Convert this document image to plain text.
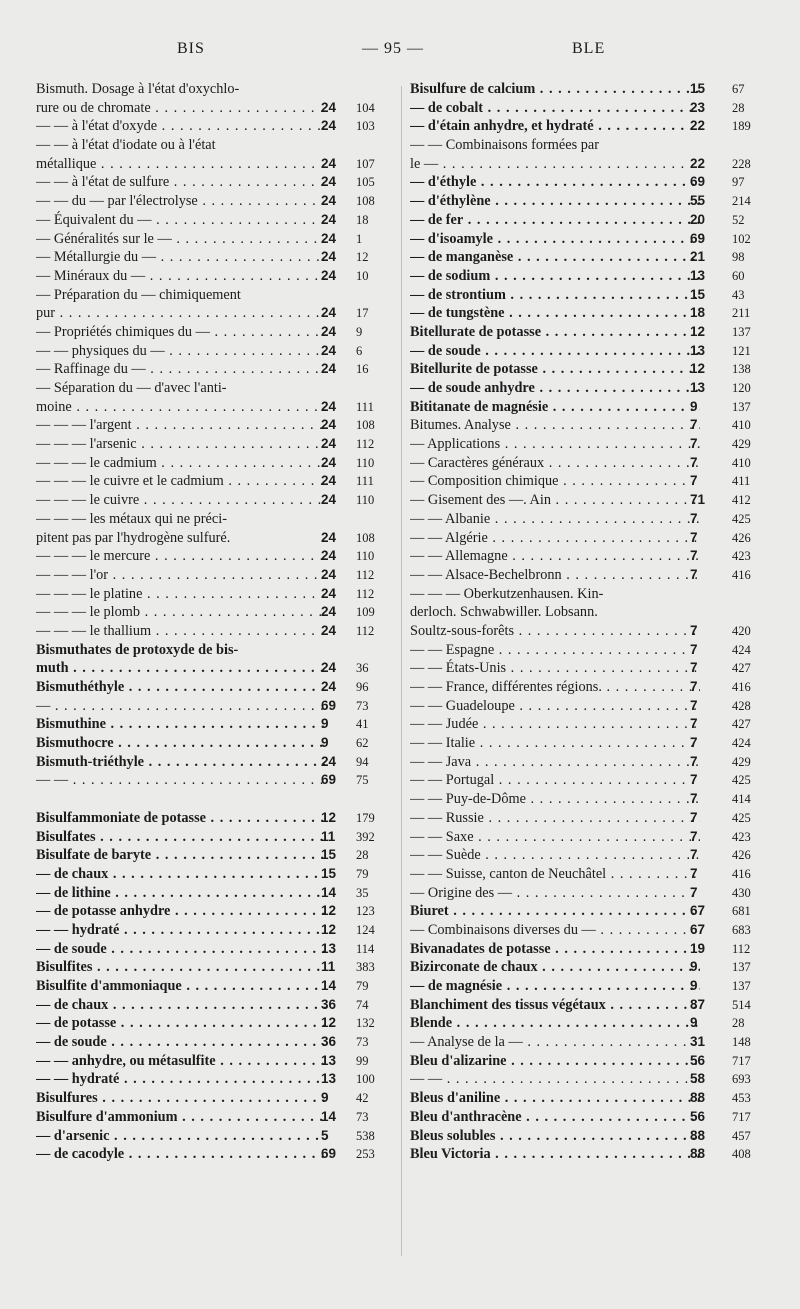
BIS	— 95 —	BLE
Bismuth. Dosage à l'état d'oxychlo-
rure ou de chromate . . .	24	104
— — à l'état d'oxyde . . .	24	103
— — à l'état d'iodate ou à l'état
métallique . . .	24	107
— — à l'état de sulfure . . .	24	105
— — du — par l'électrolyse . . .	24	108
— Équivalent du — . . .	24	18
— Généralités sur le — . . .	24	1
— Métallurgie du — . . .	24	12
— Minéraux du — . . .	24	10
— Préparation du — chimiquement
pur . . .	24	17
— Propriétés chimiques du — . . .	24	9
— — physiques du — . . .	24	6
— Raffinage du — . . .	24	16
— Séparation du — d'avec l'anti-
moine . . .	24	111
— — — l'argent . . .	24	108
— — — l'arsenic . . .	24	112
— — — le cadmium . . .	24	110
— — — le cuivre et le cadmium . . .	24	111
— — — le cuivre . . .	24	110
— — — les métaux qui ne préci-
pitent pas par l'hydrogène sulfuré.	24	108
— — — le mercure . . .	24	110
— — — l'or . . .	24	112
— — — le platine . . .	24	112
— — — le plomb . . .	24	109
— — — le thallium . . .	24	112
Bismuthates de protoxyde de bis-
muth . . .	24	36
Bismuthéthyle . . .	24	96
— . . .	69	73
Bismuthine . . .	9	41
Bismuthocre . . .	9	62
Bismuth-triéthyle . . .	24	94
— — . . .	69	75
Bisulfammoniate de potasse . . .	12	179
Bisulfates . . .	11	392
Bisulfate de baryte . . .	15	28
— de chaux . . .	15	79
— de lithine . . .	14	35
— de potasse anhydre . . .	12	123
— — hydraté . . .	12	124
— de soude . . .	13	114
Bisulfites . . .	11	383
Bisulfite d'ammoniaque . . .	14	79
— de chaux . . .	36	74
— de potasse . . .	12	132
— de soude . . .	36	73
— — anhydre, ou métasulfite . . .	13	99
— — hydraté . . .	13	100
Bisulfures . . .	9	42
Bisulfure d'ammonium . . .	14	73
— d'arsenic . . .	5	538
— de cacodyle . . .	69	253
Bisulfure de calcium . . .	15	67
— de cobalt . . .	23	28
— d'étain anhydre, et hydraté . . .	22	189
— — Combinaisons formées par
le — . . .	22	228
— d'éthyle . . .	69	97
— d'éthylène . . .	55	214
— de fer . . .	20	52
— d'isoamyle . . .	69	102
— de manganèse . . .	21	98
— de sodium . . .	13	60
— de strontium . . .	15	43
— de tungstène . . .	18	211
Bitellurate de potasse . . .	12	137
— de soude . . .	13	121
Bitellurite de potasse . . .	12	138
— de soude anhydre . . .	13	120
Bititanate de magnésie . . .	9	137
Bitumes. Analyse . . .	7	410
— Applications . . .	7	429
— Caractères généraux . . .	7	410
— Composition chimique . . .	7	411
— Gisement des —. Ain . . .	71	412
— — Albanie . . .	7	425
— — Algérie . . .	7	426
— — Allemagne . . .	7	423
— — Alsace-Bechelbronn . . .	7	416
— — — Oberkutzenhausen. Kin-
derloch. Schwabwiller. Lobsann.
Soultz-sous-forêts . . .	7	420
— — Espagne . . .	7	424
— — États-Unis . . .	7	427
— — France, différentes régions. . . .	7	416
— — Guadeloupe . . .	7	428
— — Judée . . .	7	427
— — Italie . . .	7	424
— — Java . . .	7	429
— — Portugal . . .	7	425
— — Puy-de-Dôme . . .	7	414
— — Russie . . .	7	425
— — Saxe . . .	7	423
— — Suède . . .	7	426
— — Suisse, canton de Neuchâtel . . .	7	416
— Origine des — . . .	7	430
Biuret . . .	67	681
— Combinaisons diverses du — . . .	67	683
Bivanadates de potasse . . .	19	112
Bizirconate de chaux . . .	9	137
— de magnésie . . .	9	137
Blanchiment des tissus végétaux . . .	87	514
Blende . . .	9	28
— Analyse de la — . . .	31	148
Bleu d'alizarine . . .	56	717
— — . . .	58	693
Bleus d'aniline . . .	88	453
Bleu d'anthracène . . .	56	717
Bleus solubles . . .	88	457
Bleu Victoria . . .	88	408
